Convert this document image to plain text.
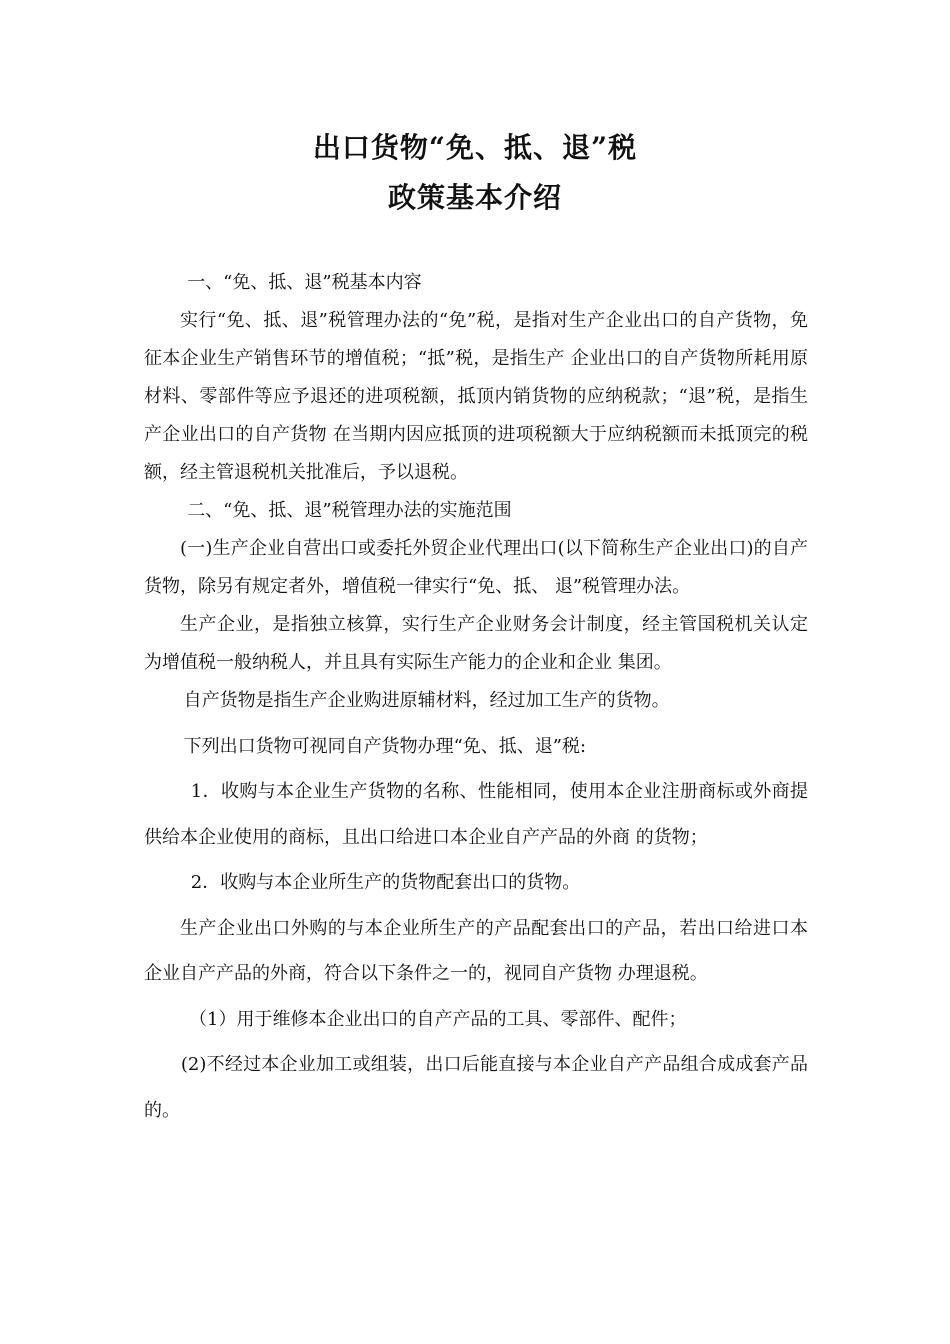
出口货物“免、抵、退”税
政策基本介绍

一、“免、抵、退”税基本内容

实行“免、抵、退”税管理办法的“免”税，是指对生产企业出口的自产货物，免征本企业生产销售环节的增值税；“抵”税，是指生产 企业出口的自产货物所耗用原材料、零部件等应予退还的进项税额，抵顶内销货物的应纳税款；“退”税，是指生产企业出口的自产货物 在当期内因应抵顶的进项税额大于应纳税额而未抵顶完的税额，经主管退税机关批准后，予以退税。

二、“免、抵、退”税管理办法的实施范围

(一)生产企业自营出口或委托外贸企业代理出口(以下简称生产企业出口)的自产货物，除另有规定者外，增值税一律实行“免、抵、 退”税管理办法。

生产企业，是指独立核算，实行生产企业财务会计制度，经主管国税机关认定为增值税一般纳税人，并且具有实际生产能力的企业和企业 集团。

自产货物是指生产企业购进原辅材料，经过加工生产的货物。

下列出口货物可视同自产货物办理“免、抵、退”税:

1．收购与本企业生产货物的名称、性能相同，使用本企业注册商标或外商提供给本企业使用的商标，且出口给进口本企业自产产品的外商 的货物；

2．收购与本企业所生产的货物配套出口的货物。

生产企业出口外购的与本企业所生产的产品配套出口的产品，若出口给进口本企业自产产品的外商，符合以下条件之一的，视同自产货物 办理退税。

（1）用于维修本企业出口的自产产品的工具、零部件、配件；

(2)不经过本企业加工或组装，出口后能直接与本企业自产产品组合成成套产品的。
